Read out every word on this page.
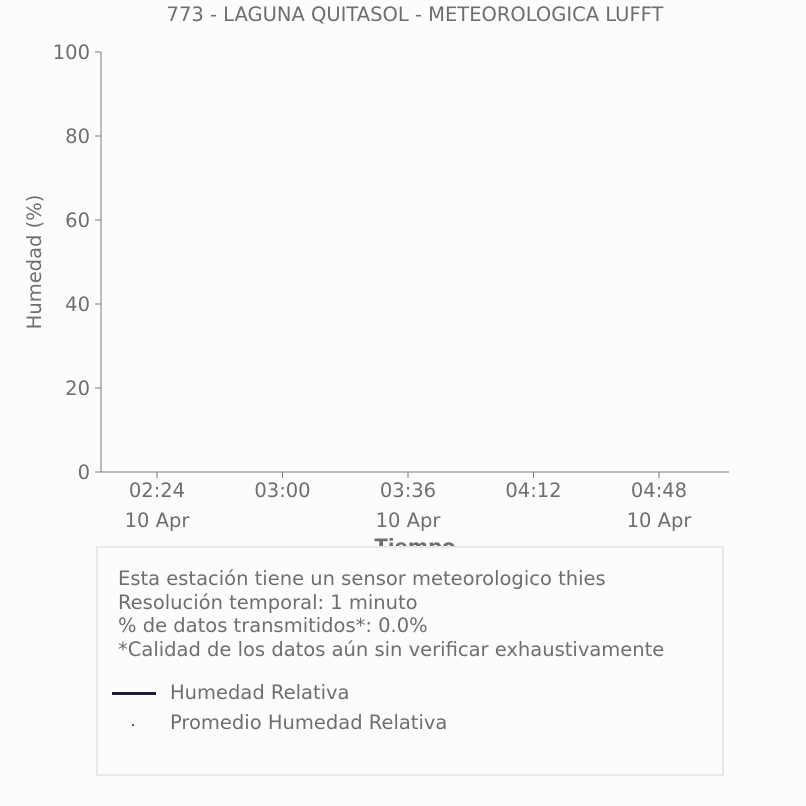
773 - LAGUNA QUITASOL - METEOROLOGICA LUFFT
Humedad (%)
0
20
40
60
80
100
02:24
10 Apr
03:00	03:36
10 Apr
04:12	04:48
10 Apr
Esta estación tiene un sensor meteorologico thies
Resolución temporal: 1 minuto
% de datos transmitidos*: 0.0%
*Calidad de los datos aún sin verificar exhaustivamente
Humedad Relativa
Promedio Humedad Relativa
